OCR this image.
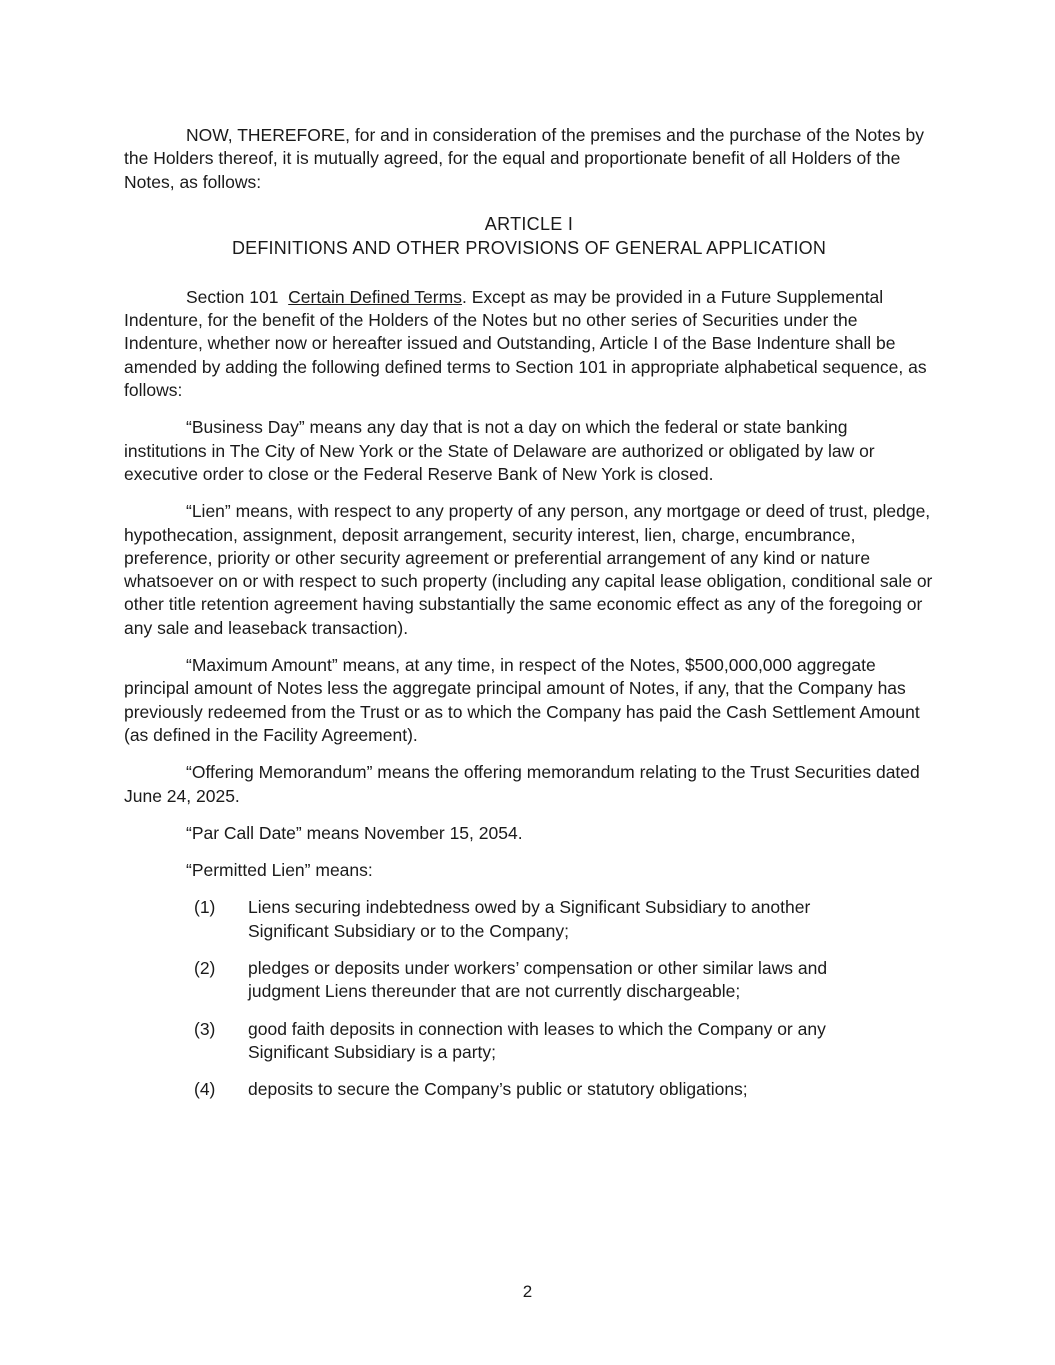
NOW, THEREFORE, for and in consideration of the premises and the purchase of the Notes by the Holders thereof, it is mutually agreed, for the equal and proportionate benefit of all Holders of the Notes, as follows:

ARTICLE I

DEFINITIONS AND OTHER PROVISIONS OF GENERAL APPLICATION

Section 101 Certain Defined Terms. Except as may be provided in a Future Supplemental Indenture, for the benefit of the Holders of the Notes but no other series of Securities under the Indenture, whether now or hereafter issued and Outstanding, Article I of the Base Indenture shall be amended by adding the following defined terms to Section 101 in appropriate alphabetical sequence, as follows:

“Business Day” means any day that is not a day on which the federal or state banking institutions in The City of New York or the State of Delaware are authorized or obligated by law or executive order to close or the Federal Reserve Bank of New York is closed.

“Lien” means, with respect to any property of any person, any mortgage or deed of trust, pledge, hypothecation, assignment, deposit arrangement, security interest, lien, charge, encumbrance, preference, priority or other security agreement or preferential arrangement of any kind or nature whatsoever on or with respect to such property (including any capital lease obligation, conditional sale or other title retention agreement having substantially the same economic effect as any of the foregoing or any sale and leaseback transaction).

“Maximum Amount” means, at any time, in respect of the Notes, $500,000,000 aggregate principal amount of Notes less the aggregate principal amount of Notes, if any, that the Company has previously redeemed from the Trust or as to which the Company has paid the Cash Settlement Amount (as defined in the Facility Agreement).

“Offering Memorandum” means the offering memorandum relating to the Trust Securities dated June 24, 2025.

“Par Call Date” means November 15, 2054.

“Permitted Lien” means:

(1)	Liens securing indebtedness owed by a Significant Subsidiary to another Significant Subsidiary or to the Company;
(2)	pledges or deposits under workers’ compensation or other similar laws and judgment Liens thereunder that are not currently dischargeable;
(3)	good faith deposits in connection with leases to which the Company or any Significant Subsidiary is a party;
(4)	deposits to secure the Company’s public or statutory obligations;
2
